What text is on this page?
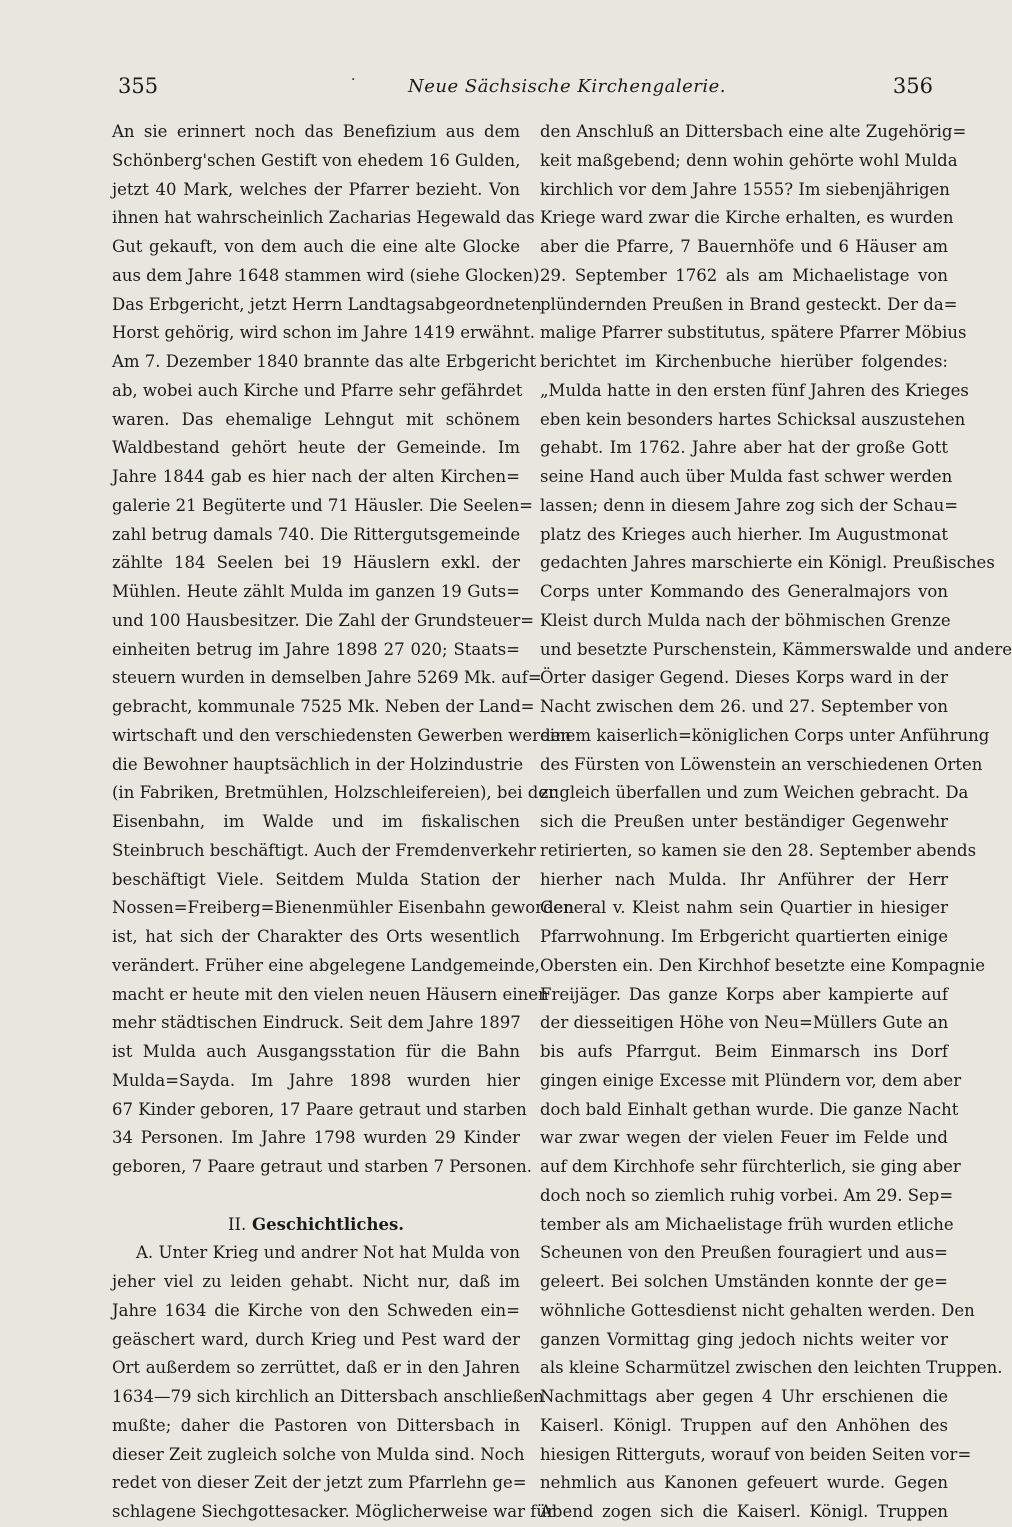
355	·	Neue Sächsische Kirchengalerie.	356
An sie erinnert noch das Benefizium aus dem
Schönberg'schen Gestift von ehedem 16 Gulden,
jetzt 40 Mark, welches der Pfarrer bezieht. Von
ihnen hat wahrscheinlich Zacharias Hegewald das
Gut gekauft, von dem auch die eine alte Glocke
aus dem Jahre 1648 stammen wird (siehe Glocken).
Das Erbgericht, jetzt Herrn Landtagsabgeordneten
Horst gehörig, wird schon im Jahre 1419 erwähnt.
Am 7. Dezember 1840 brannte das alte Erbgericht
ab, wobei auch Kirche und Pfarre sehr gefährdet
waren. Das ehemalige Lehngut mit schönem
Waldbestand gehört heute der Gemeinde. Im
Jahre 1844 gab es hier nach der alten Kirchen=
galerie 21 Begüterte und 71 Häusler. Die Seelen=
zahl betrug damals 740. Die Rittergutsgemeinde
zählte 184 Seelen bei 19 Häuslern exkl. der
Mühlen. Heute zählt Mulda im ganzen 19 Guts=
und 100 Hausbesitzer. Die Zahl der Grundsteuer=
einheiten betrug im Jahre 1898 27 020; Staats=
steuern wurden in demselben Jahre 5269 Mk. auf=
gebracht, kommunale 7525 Mk. Neben der Land=
wirtschaft und den verschiedensten Gewerben werden
die Bewohner hauptsächlich in der Holzindustrie
(in Fabriken, Bretmühlen, Holzschleifereien), bei der
Eisenbahn, im Walde und im fiskalischen
Steinbruch beschäftigt. Auch der Fremdenverkehr
beschäftigt Viele. Seitdem Mulda Station der
Nossen=Freiberg=Bienenmühler Eisenbahn geworden
ist, hat sich der Charakter des Orts wesentlich
verändert. Früher eine abgelegene Landgemeinde,
macht er heute mit den vielen neuen Häusern einen
mehr städtischen Eindruck. Seit dem Jahre 1897
ist Mulda auch Ausgangsstation für die Bahn
Mulda=Sayda. Im Jahre 1898 wurden hier
67 Kinder geboren, 17 Paare getraut und starben
34 Personen. Im Jahre 1798 wurden 29 Kinder
geboren, 7 Paare getraut und starben 7 Personen.

II. Geschichtliches.
A. Unter Krieg und andrer Not hat Mulda von
jeher viel zu leiden gehabt. Nicht nur, daß im
Jahre 1634 die Kirche von den Schweden ein=
geäschert ward, durch Krieg und Pest ward der
Ort außerdem so zerrüttet, daß er in den Jahren
1634—79 sich kirchlich an Dittersbach anschließen
mußte; daher die Pastoren von Dittersbach in
dieser Zeit zugleich solche von Mulda sind. Noch
redet von dieser Zeit der jetzt zum Pfarrlehn ge=
schlagene Siechgottesacker. Möglicherweise war für
den Anschluß an Dittersbach eine alte Zugehörig=
keit maßgebend; denn wohin gehörte wohl Mulda
kirchlich vor dem Jahre 1555? Im siebenjährigen
Kriege ward zwar die Kirche erhalten, es wurden
aber die Pfarre, 7 Bauernhöfe und 6 Häuser am
29. September 1762 als am Michaelistage von
plündernden Preußen in Brand gesteckt. Der da=
malige Pfarrer substitutus, spätere Pfarrer Möbius
berichtet im Kirchenbuche hierüber folgendes:
„Mulda hatte in den ersten fünf Jahren des Krieges
eben kein besonders hartes Schicksal auszustehen
gehabt. Im 1762. Jahre aber hat der große Gott
seine Hand auch über Mulda fast schwer werden
lassen; denn in diesem Jahre zog sich der Schau=
platz des Krieges auch hierher. Im Augustmonat
gedachten Jahres marschierte ein Königl. Preußisches
Corps unter Kommando des Generalmajors von
Kleist durch Mulda nach der böhmischen Grenze
und besetzte Purschenstein, Kämmerswalde und andere
Örter dasiger Gegend. Dieses Korps ward in der
Nacht zwischen dem 26. und 27. September von
einem kaiserlich=königlichen Corps unter Anführung
des Fürsten von Löwenstein an verschiedenen Orten
zugleich überfallen und zum Weichen gebracht. Da
sich die Preußen unter beständiger Gegenwehr
retirierten, so kamen sie den 28. September abends
hierher nach Mulda. Ihr Anführer der Herr
General v. Kleist nahm sein Quartier in hiesiger
Pfarrwohnung. Im Erbgericht quartierten einige
Obersten ein. Den Kirchhof besetzte eine Kompagnie
Freijäger. Das ganze Korps aber kampierte auf
der diesseitigen Höhe von Neu=Müllers Gute an
bis aufs Pfarrgut. Beim Einmarsch ins Dorf
gingen einige Excesse mit Plündern vor, dem aber
doch bald Einhalt gethan wurde. Die ganze Nacht
war zwar wegen der vielen Feuer im Felde und
auf dem Kirchhofe sehr fürchterlich, sie ging aber
doch noch so ziemlich ruhig vorbei. Am 29. Sep=
tember als am Michaelistage früh wurden etliche
Scheunen von den Preußen fouragiert und aus=
geleert. Bei solchen Umständen konnte der ge=
wöhnliche Gottesdienst nicht gehalten werden. Den
ganzen Vormittag ging jedoch nichts weiter vor
als kleine Scharmützel zwischen den leichten Truppen.
Nachmittags aber gegen 4 Uhr erschienen die
Kaiserl. Königl. Truppen auf den Anhöhen des
hiesigen Ritterguts, worauf von beiden Seiten vor=
nehmlich aus Kanonen gefeuert wurde. Gegen
Abend zogen sich die Kaiserl. Königl. Truppen
